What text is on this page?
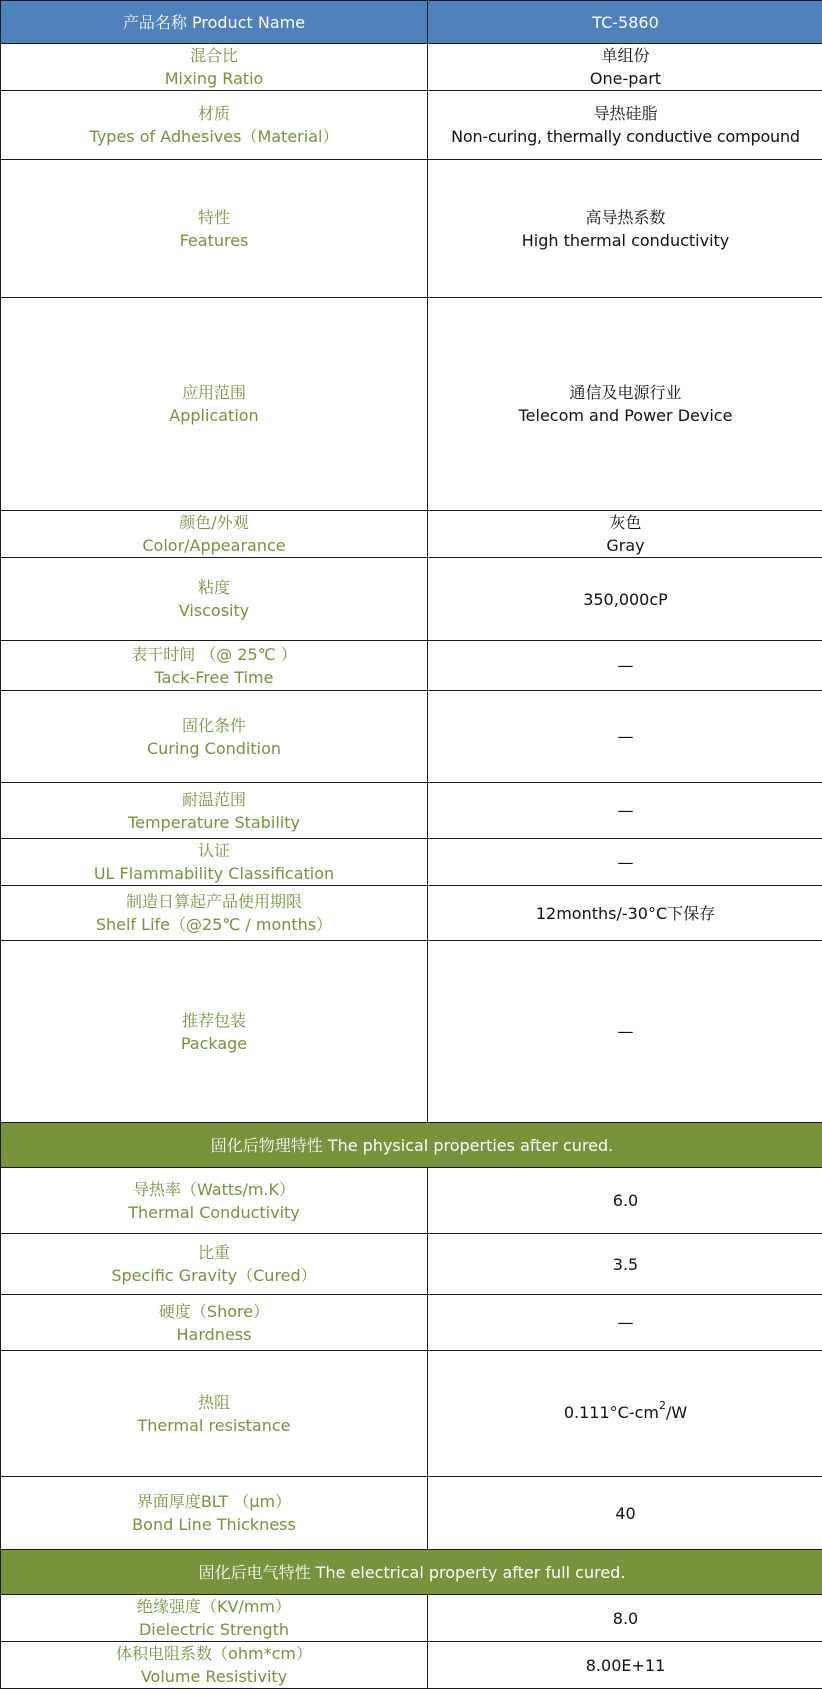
产品名称 Product Name	TC-5860

混合比
Mixing Ratio	单组份
One-part

材质
Types of Adhesives（Material）	导热硅脂
Non-curing, thermally conductive compound

特性
Features	高导热系数
High thermal conductivity

应用范围
Application	通信及电源行业
Telecom and Power Device

颜色/外观
Color/Appearance	灰色
Gray

粘度
Viscosity	350,000cP

表干时间 （@ 25℃ ）
Tack-Free Time	—

固化条件
Curing Condition	—

耐温范围
Temperature Stability	—

认证
UL Flammability Classification	—

制造日算起产品使用期限
Shelf Life（@25℃ / months）	12months/-30°C下保存

推荐包装
Package	—
固化后物理特性 The physical properties after cured.	

导热率（Watts/m.K）
Thermal Conductivity	6.0

比重
Specific Gravity（Cured）	3.5

硬度（Shore）
Hardness	—

热阻
Thermal resistance	$0.111^\circ C-cm^2/W$

界面厚度BLT （μm）
Bond Line Thickness	40
固化后电气特性 The electrical property after full cured.	

绝缘强度（KV/mm）
Dielectric Strength	8.0

体积电阻系数（ohm*cm）
Volume Resistivity	8.00E+11
